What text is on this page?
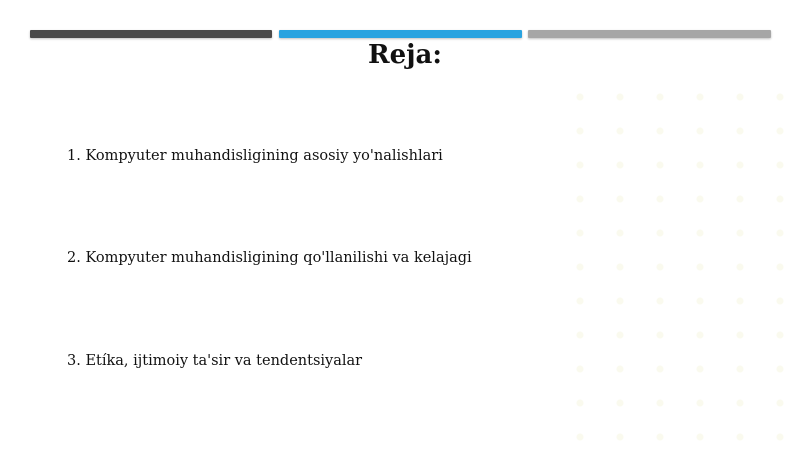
Reja:
1. Kompyuter muhandisligining asosiy yo'nalishlari
2. Kompyuter muhandisligining qo'llanilishi va kelajagi
3. Etíka, ijtimoiy ta'sir va tendentsiyalar
